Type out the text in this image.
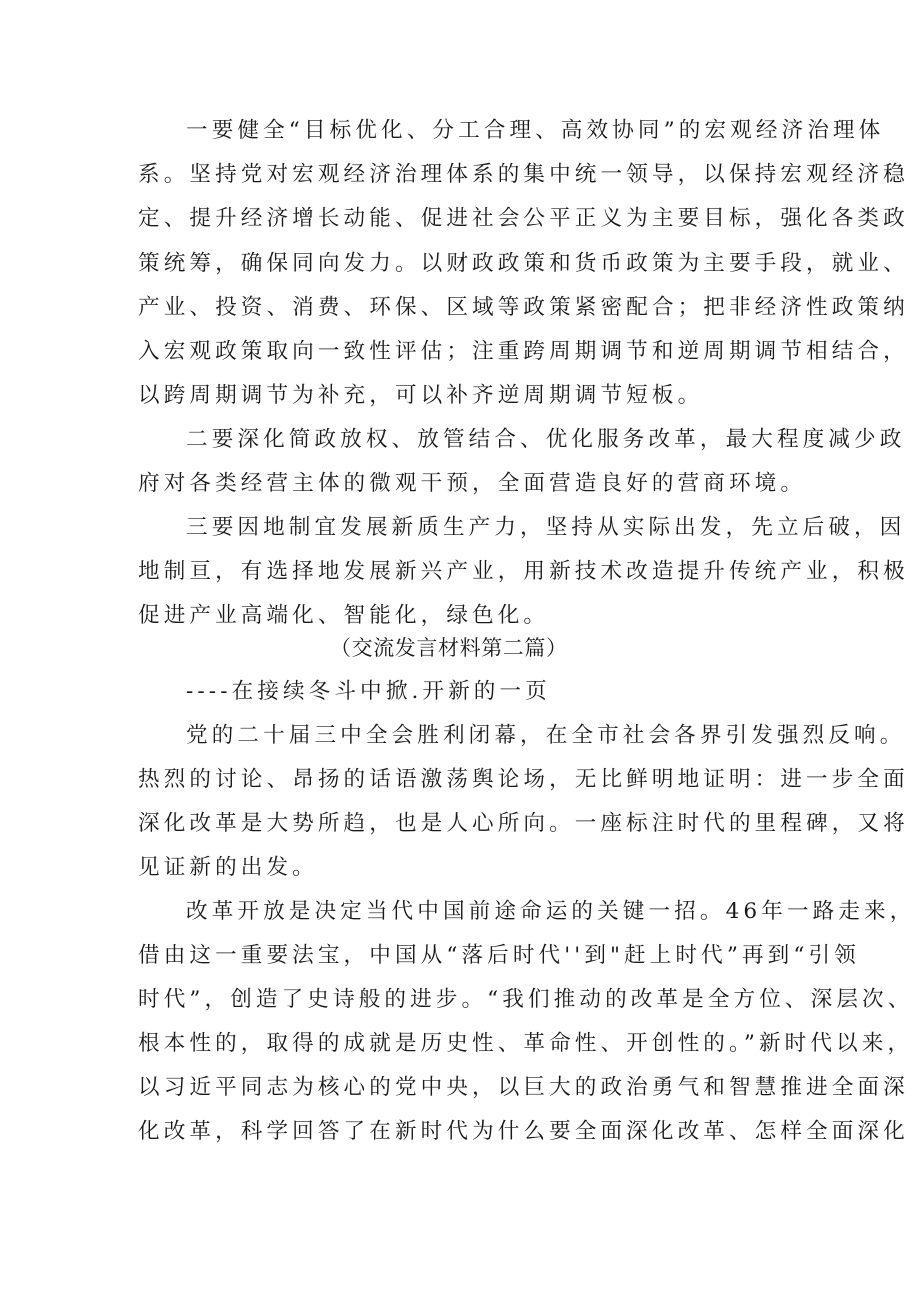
一要健全“目标优化、分工合理、高效协同”的宏观经济治理体

系。坚持党对宏观经济治理体系的集中统一领导，以保持宏观经济稳

定、提升经济增长动能、促进社会公平正义为主要目标，强化各类政

策统筹，确保同向发力。以财政政策和货币政策为主要手段，就业、

产业、投资、消费、环保、区域等政策紧密配合；把非经济性政策纳

入宏观政策取向一致性评估；注重跨周期调节和逆周期调节相结合，

以跨周期调节为补充，可以补齐逆周期调节短板。

二要深化简政放权、放管结合、优化服务改革，最大程度减少政

府对各类经营主体的微观干预，全面营造良好的营商环境。

三要因地制宜发展新质生产力，坚持从实际出发，先立后破，因

地制亘，有选择地发展新兴产业，用新技术改造提升传统产业，积极

促进产业高端化、智能化，绿色化。

（交流发言材料第二篇）

----在接续冬斗中掀.开新的一页

党的二十届三中全会胜利闭幕，在全市社会各界引发强烈反响。

热烈的讨论、昂扬的话语激荡舆论场，无比鲜明地证明：进一步全面

深化改革是大势所趋，也是人心所向。一座标注时代的里程碑，又将

见证新的出发。

改革开放是决定当代中国前途命运的关键一招。46年一路走来，

借由这一重要法宝，中国从“落后时代''到"赶上时代”再到“引领

时代”，创造了史诗般的进步。“我们推动的改革是全方位、深层次、

根本性的，取得的成就是历史性、革命性、开创性的。”新时代以来，

以习近平同志为核心的党中央，以巨大的政治勇气和智慧推进全面深

化改革，科学回答了在新时代为什么要全面深化改革、怎样全面深化
